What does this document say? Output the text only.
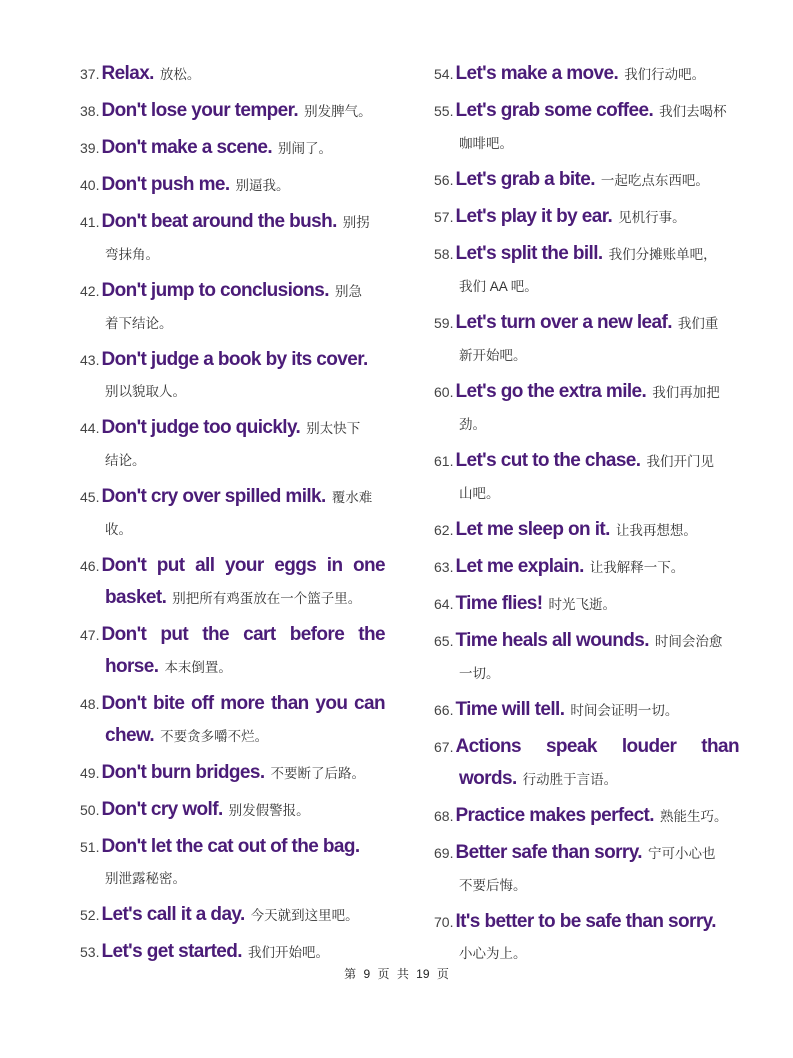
37. Relax. 放松。
38. Don't lose your temper. 别发脾气。
39. Don't make a scene. 别闹了。
40. Don't push me. 别逼我。
41. Don't beat around the bush. 别拐
弯抹角。
42. Don't jump to conclusions. 别急
着下结论。
43. Don't judge a book by its cover.
别以貌取人。
44. Don't judge too quickly. 别太快下
结论。
45. Don't cry over spilled milk. 覆水难
收。
46. Don't put all your eggs in one
basket. 别把所有鸡蛋放在一个篮子里。
47. Don't put the cart before the
horse. 本末倒置。
48. Don't bite off more than you can
chew. 不要贪多嚼不烂。
49. Don't burn bridges. 不要断了后路。
50. Don't cry wolf. 别发假警报。
51. Don't let the cat out of the bag.
别泄露秘密。
52. Let's call it a day. 今天就到这里吧。
53. Let's get started. 我们开始吧。
54. Let's make a move. 我们行动吧。
55. Let's grab some coffee. 我们去喝杯
咖啡吧。
56. Let's grab a bite. 一起吃点东西吧。
57. Let's play it by ear. 见机行事。
58. Let's split the bill. 我们分摊账单吧，
我们 AA 吧。
59. Let's turn over a new leaf. 我们重
新开始吧。
60. Let's go the extra mile. 我们再加把
劲。
61. Let's cut to the chase. 我们开门见
山吧。
62. Let me sleep on it. 让我再想想。
63. Let me explain. 让我解释一下。
64. Time flies! 时光飞逝。
65. Time heals all wounds. 时间会治愈
一切。
66. Time will tell. 时间会证明一切。
67. Actions speak louder than
words. 行动胜于言语。
68. Practice makes perfect. 熟能生巧。
69. Better safe than sorry. 宁可小心也
不要后悔。
70. It's better to be safe than sorry.
小心为上。
第 9 页 共 19 页
